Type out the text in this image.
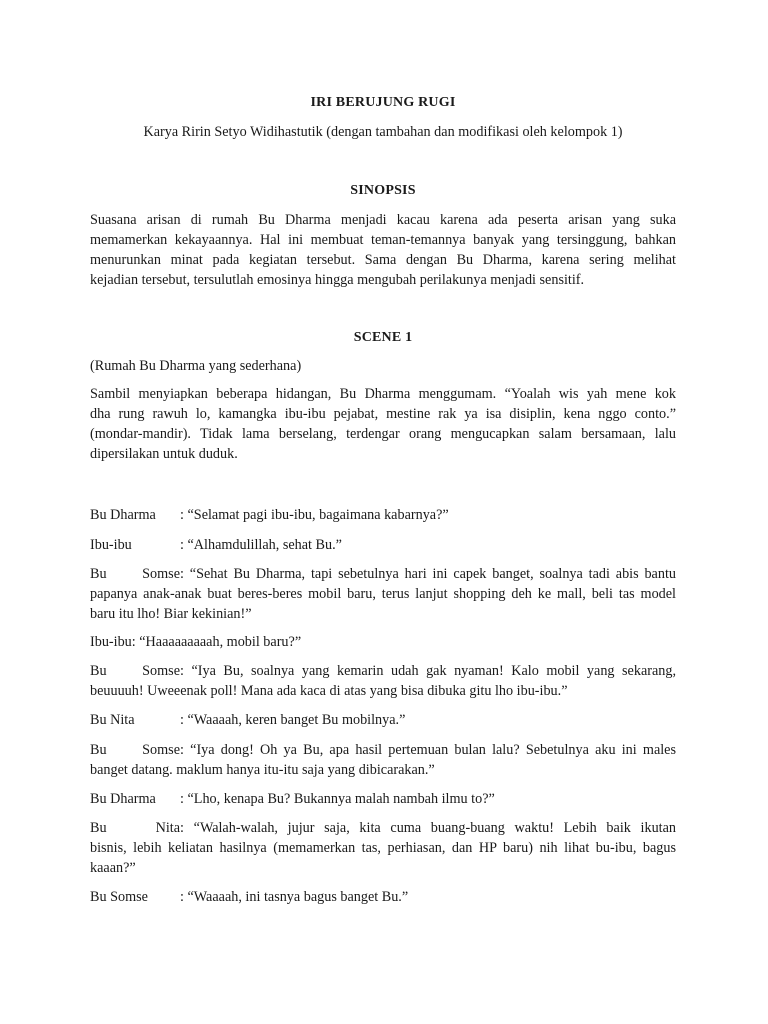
IRI BERUJUNG RUGI
Karya Ririn Setyo Widihastutik (dengan tambahan dan modifikasi oleh kelompok 1)
SINOPSIS
Suasana arisan di rumah Bu Dharma menjadi kacau karena ada peserta arisan yang suka
memamerkan kekayaannya. Hal ini membuat teman-temannya banyak yang tersinggung, bahkan
menurunkan minat pada kegiatan tersebut. Sama dengan Bu Dharma, karena sering melihat
kejadian tersebut, tersulutlah emosinya hingga mengubah perilakunya menjadi sensitif.
SCENE 1
(Rumah Bu Dharma yang sederhana)
Sambil menyiapkan beberapa hidangan, Bu Dharma menggumam. “Yoalah wis yah mene kok
dha rung rawuh lo, kamangka ibu-ibu pejabat, mestine rak ya isa disiplin, kena nggo conto.”
(mondar-mandir). Tidak lama berselang, terdengar orang mengucapkan salam bersamaan, lalu
dipersilakan untuk duduk.
Bu Dharma : “Selamat pagi ibu-ibu, bagaimana kabarnya?”
Ibu-ibu	: “Alhamdulillah, sehat Bu.”
Bu Somse: “Sehat Bu Dharma, tapi sebetulnya hari ini capek banget, soalnya tadi abis bantu
papanya anak-anak buat beres-beres mobil baru, terus lanjut shopping deh ke mall, beli tas model
baru itu lho! Biar kekinian!”
Ibu-ibu: “Haaaaaaaaah, mobil baru?”
Bu Somse: “Iya Bu, soalnya yang kemarin udah gak nyaman! Kalo mobil yang sekarang,
beuuuuh! Uweeenak poll! Mana ada kaca di atas yang bisa dibuka gitu lho ibu-ibu.”
Bu Nita	: “Waaaah, keren banget Bu mobilnya.”
Bu Somse: “Iya dong! Oh ya Bu, apa hasil pertemuan bulan lalu? Sebetulnya aku ini males
banget datang. maklum hanya itu-itu saja yang dibicarakan.”
Bu Dharma : “Lho, kenapa Bu? Bukannya malah nambah ilmu to?”
Bu Nita: “Walah-walah, jujur saja, kita cuma buang-buang waktu! Lebih baik ikutan
bisnis, lebih keliatan hasilnya (memamerkan tas, perhiasan, dan HP baru) nih lihat bu-ibu, bagus
kaaan?”
Bu Somse : “Waaaah, ini tasnya bagus banget Bu.”
